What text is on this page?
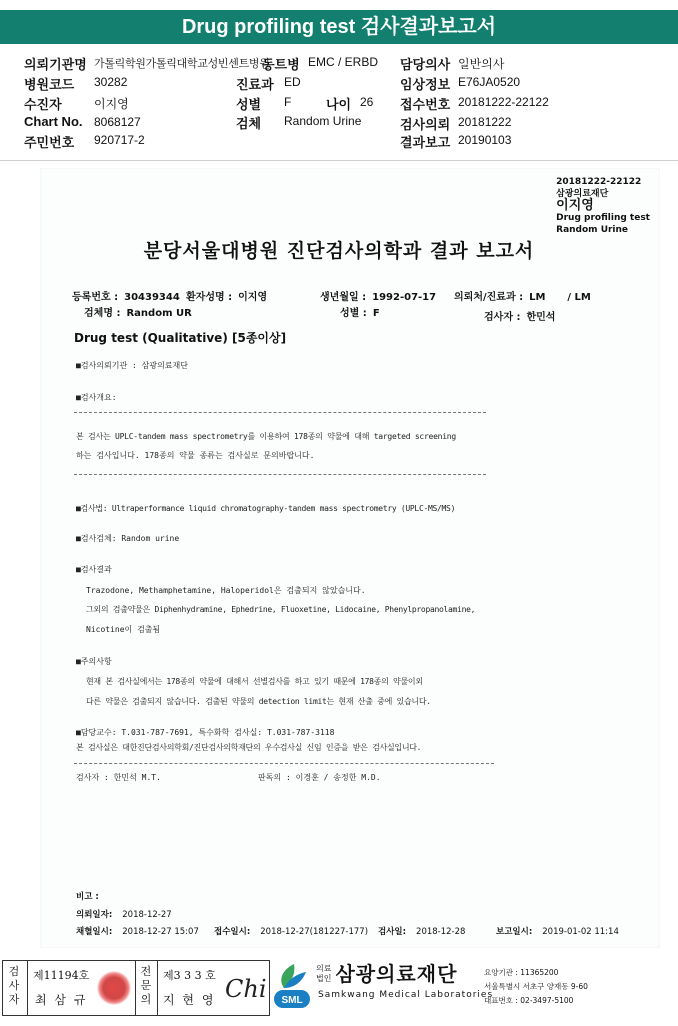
Drug profiling test 검사결과보고서
의뢰기관명 가톨릭학원가톨릭대학교성빈센트병원
병원코드 30282
수진자	이지영
Chart No. 8068127
주민번호 920717-2
동트병 EMC / ERBD
진료과 ED
성별 F	나이 26
검체 Random Urine
담당의사 일반의사
임상정보 E76JA0520
접수번호 20181222-22122
검사의뢰 20181222
결과보고 20190103
20181222-22122
삼광의료재단
이지영
Drug profiling test
Random Urine
분당서울대병원 진단검사의학과 결과 보고서
등록번호 : 30439344 환자성명 : 이지영	생년월일 : 1992-07-17 의뢰처/진료과 : LM / LM
검체명 : Random UR	성별 : F	검사자 : 한민석
Drug test (Qualitative) [5종이상]
■검사의뢰기관 : 삼광의료재단
■검사개요:
본 검사는 UPLC-tandem mass spectrometry를 이용하여 178종의 약물에 대해 targeted screening
하는 검사입니다. 178종의 약물 종류는 검사실로 문의바랍니다.
■검사법: Ultraperformance liquid chromatography-tandem mass spectrometry (UPLC-MS/MS)
■검사검체: Random urine
■검사결과
Trazodone, Methamphetamine, Haloperidol은 검출되지 않았습니다.
그외의 검출약물은 Diphenhydramine, Ephedrine, Fluoxetine, Lidocaine, Phenylpropanolamine,
Nicotine이 검출됨
■주의사항
현재 본 검사실에서는 178종의 약물에 대해서 선별검사를 하고 있기 때문에 178종의 약물이외
다른 약물은 검출되지 않습니다. 검출된 약물의 detection limit는 현재 산출 중에 있습니다.
■담당교수: T.031-787-7691, 특수화학 검사실: T.031-787-3118
본 검사실은 대한진단검사의학회/진단검사의학재단의 우수검사실 신임 인증을 받은 검사실입니다.
검사자 : 한민석 M.T.	판독의 : 이경훈 / 송정한 M.D.
비고 :
의뢰일자: 2018-12-27
채혈일시: 2018-12-27 15:07 접수일시: 2018-12-27(181227-177) 검사일: 2018-12-28	보고일시: 2019-01-02 11:14
검사자
제11194호
최 삼 규
전문의
제3 3 3 호
지 현 영 Chi SML
의료
법인 삼광의료재단
Samkwang Medical Laboratories
요양기관 : 11365200
서울특별시 서초구 양재동 9-60
대표번호 : 02-3497-5100
